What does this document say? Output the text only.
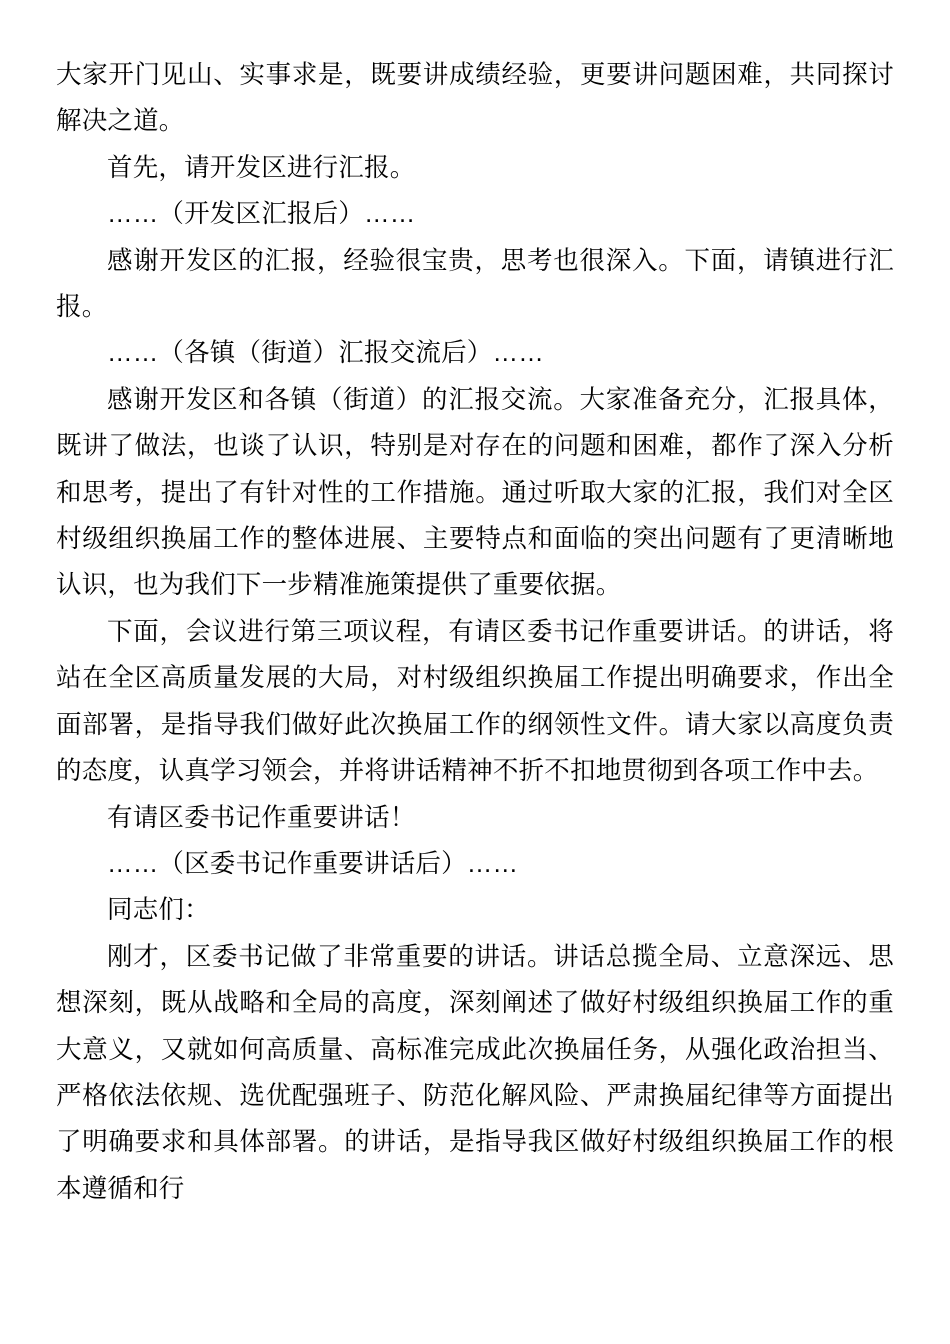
大家开门见山、实事求是，既要讲成绩经验，更要讲问题困难，共同探讨解决之道。

首先，请开发区进行汇报。

……（开发区汇报后）……

感谢开发区的汇报，经验很宝贵，思考也很深入。下面，请镇进行汇报。

……（各镇（街道）汇报交流后）……

感谢开发区和各镇（街道）的汇报交流。大家准备充分，汇报具体，既讲了做法，也谈了认识，特别是对存在的问题和困难，都作了深入分析和思考，提出了有针对性的工作措施。通过听取大家的汇报，我们对全区村级组织换届工作的整体进展、主要特点和面临的突出问题有了更清晰地认识，也为我们下一步精准施策提供了重要依据。

下面，会议进行第三项议程，有请区委书记作重要讲话。的讲话，将站在全区高质量发展的大局，对村级组织换届工作提出明确要求，作出全面部署，是指导我们做好此次换届工作的纲领性文件。请大家以高度负责的态度，认真学习领会，并将讲话精神不折不扣地贯彻到各项工作中去。

有请区委书记作重要讲话！

……（区委书记作重要讲话后）……

同志们：

刚才，区委书记做了非常重要的讲话。讲话总揽全局、立意深远、思想深刻，既从战略和全局的高度，深刻阐述了做好村级组织换届工作的重大意义，又就如何高质量、高标准完成此次换届任务，从强化政治担当、严格依法依规、选优配强班子、防范化解风险、严肃换届纪律等方面提出了明确要求和具体部署。的讲话，是指导我区做好村级组织换届工作的根本遵循和行
